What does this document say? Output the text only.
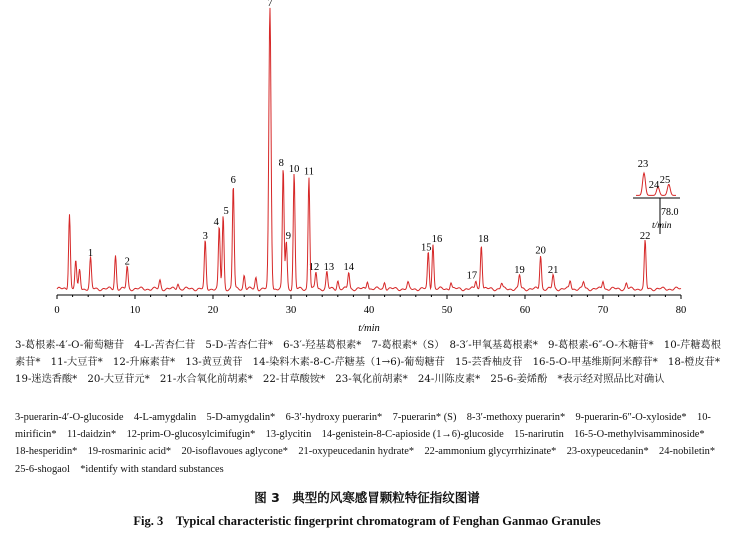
0	10	20	30	40	50	60	70	80
t/min
1
2
3
4
5
6
7
8
9
10 11
12 13 14
15
16
17
18
19
20
21
22
78.0
t/min
23
24 25
3-葛根素-4′-O-葡萄糖苷　4-L-苦杏仁苷　5-D-苦杏仁苷*　6-3′-羟基葛根素*　7-葛根素*（S）　8-3′-甲氧基葛根素*　9-葛根素-6″-O-木糖苷*　10-芹糖葛根素苷*　11-大豆苷*　12-升麻素苷*　13-黄豆黄苷　14-染料木素-8-C-芹糖基（1→6)-葡萄糖苷　15-芸香柚皮苷　16-5-O-甲基维斯阿米醇苷*　18-橙皮苷*　19-迷迭香酸*　20-大豆苷元*　21-水合氧化前胡素*　22-甘草酸铵*　23-氧化前胡素*　24-川陈皮素*　25-6-姜烯酚　*表示经对照品比对确认
3-puerarin-4′-O-glucoside　4-L-amygdalin　5-D-amygdalin*　6-3′-hydroxy puerarin*　7-puerarin* (S)　8-3′-methoxy puerarin*　9-puerarin-6″-O-xyloside*　10-mirificin*　11-daidzin*　12-prim-O-glucosylcimifugin*　13-glycitin　14-genistein-8-C-apioside (1→6)-glucoside　15-narirutin　16-5-O-methylvisamminoside*　18-hesperidin*　19-rosmarinic acid*　20-isoflavoues aglycone*　21-oxypeucedanin hydrate*　22-ammonium glycyrrhizinate*　23-oxypeucedanin*　24-nobiletin*　25-6-shogaol　*identify with standard substances
图 3　典型的风寒感冒颗粒特征指纹图谱
Fig. 3　Typical characteristic fingerprint chromatogram of Fenghan Ganmao Granules
